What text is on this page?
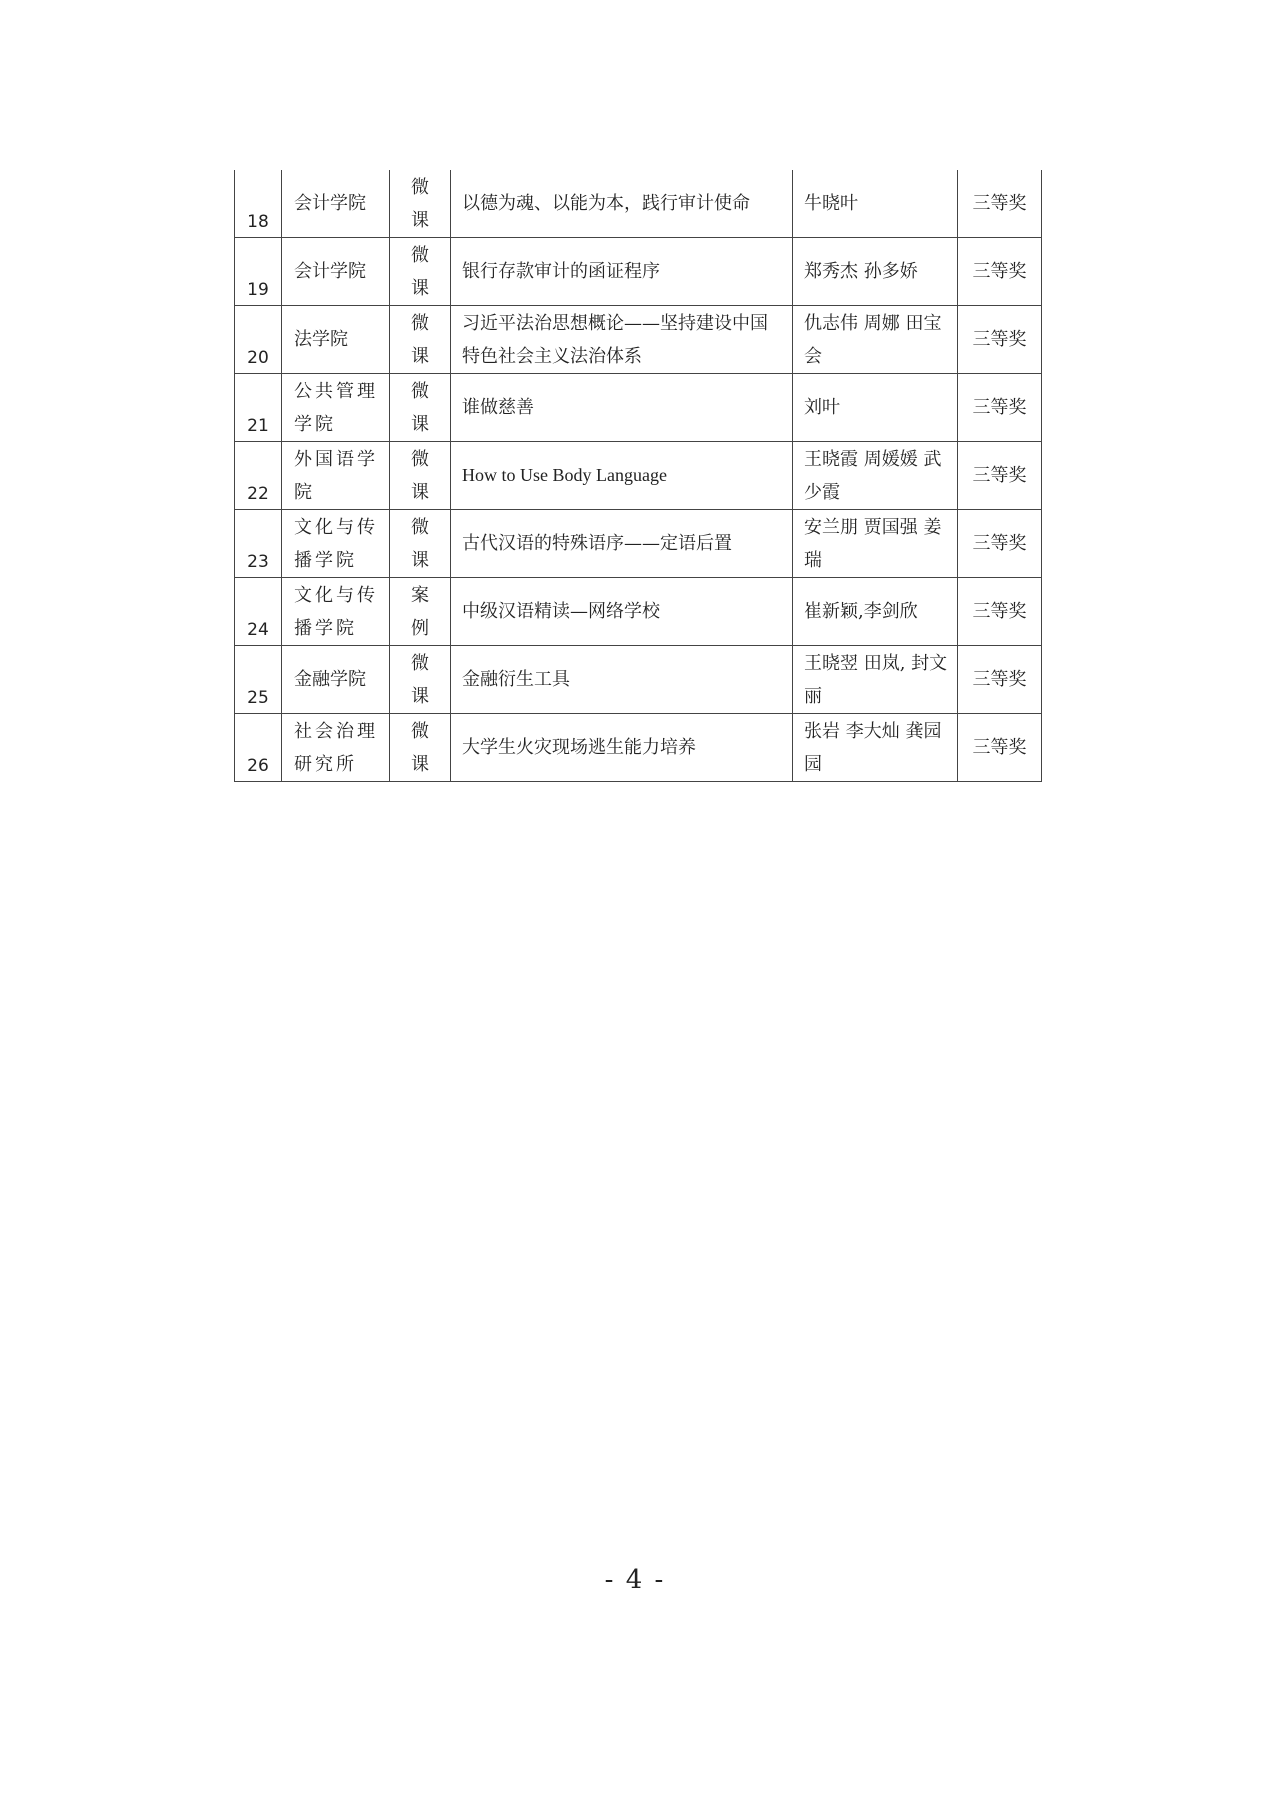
18	会计学院	微课	以德为魂、以能为本，践行审计使命	牛晓叶	三等奖
19	会计学院	微课	银行存款审计的函证程序	郑秀杰 孙多娇	三等奖
20	法学院	微课	习近平法治思想概论——坚持建设中国特色社会主义法治体系	仇志伟 周娜 田宝会	三等奖
21	公共管理学院	微课	谁做慈善	刘叶	三等奖
22	外国语学院	微课	How to Use Body Language	王晓霞 周媛媛 武少霞	三等奖
23	文化与传播学院	微课	古代汉语的特殊语序——定语后置	安兰朋 贾国强 姜瑞	三等奖
24	文化与传播学院	案例	中级汉语精读—网络学校	崔新颖,李剑欣	三等奖
25	金融学院	微课	金融衍生工具	王晓翌 田岚, 封文丽	三等奖
26	社会治理研究所	微课	大学生火灾现场逃生能力培养	张岩 李大灿 龚园园	三等奖
- 4 -
